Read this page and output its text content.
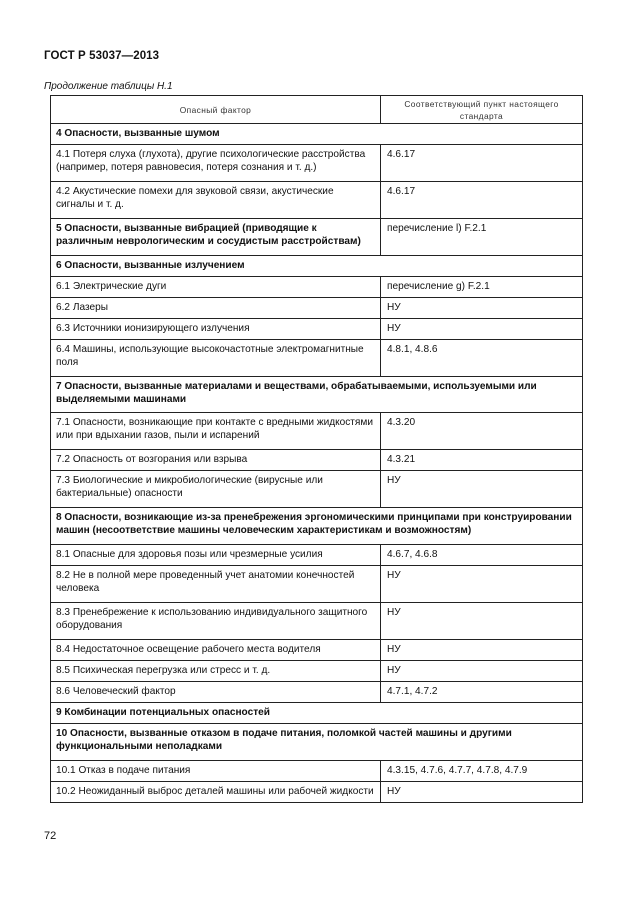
ГОСТ Р 53037—2013
Продолжение таблицы Н.1
Опасный фактор	Соответствующий пункт настоящего стандарта

4 Опасности, вызванные шумом	

4.1 Потеря слуха (глухота), другие психологические расстройства (например, потеря равновесия, потеря сознания и т. д.)	4.6.17

4.2 Акустические помехи для звуковой связи, акустические сигналы и т. д.	4.6.17

5 Опасности, вызванные вибрацией (приводящие к различным неврологическим и сосудистым расстройствам)	перечисление l) F.2.1

6 Опасности, вызванные излучением	

6.1 Электрические дуги	перечисление g) F.2.1

6.2 Лазеры	НУ

6.3 Источники ионизирующего излучения	НУ

6.4 Машины, использующие высокочастотные электромагнитные поля	4.8.1, 4.8.6

7 Опасности, вызванные материалами и веществами, обрабатываемыми, используемыми или выделяемыми машинами	

7.1 Опасности, возникающие при контакте с вредными жидкостями или при вдыхании газов, пыли и испарений	4.3.20

7.2 Опасность от возгорания или взрыва	4.3.21

7.3 Биологические и микробиологические (вирусные или бактериальные) опасности	НУ

8 Опасности, возникающие из-за пренебрежения эргономическими принципами при конструировании машин (несоответствие машины человеческим характеристикам и возможностям)	

8.1 Опасные для здоровья позы или чрезмерные усилия	4.6.7, 4.6.8

8.2 Не в полной мере проведенный учет анатомии конечностей человека	НУ

8.3 Пренебрежение к использованию индивидуального защитного оборудования	НУ

8.4 Недостаточное освещение рабочего места водителя	НУ

8.5 Психическая перегрузка или стресс и т. д.	НУ

8.6 Человеческий фактор	4.7.1, 4.7.2

9 Комбинации потенциальных опасностей	

10 Опасности, вызванные отказом в подаче питания, поломкой частей машины и другими функциональными неполадками	

10.1 Отказ в подаче питания	4.3.15, 4.7.6, 4.7.7, 4.7.8, 4.7.9

10.2 Неожиданный выброс деталей машины или рабочей жидкости	НУ
72
